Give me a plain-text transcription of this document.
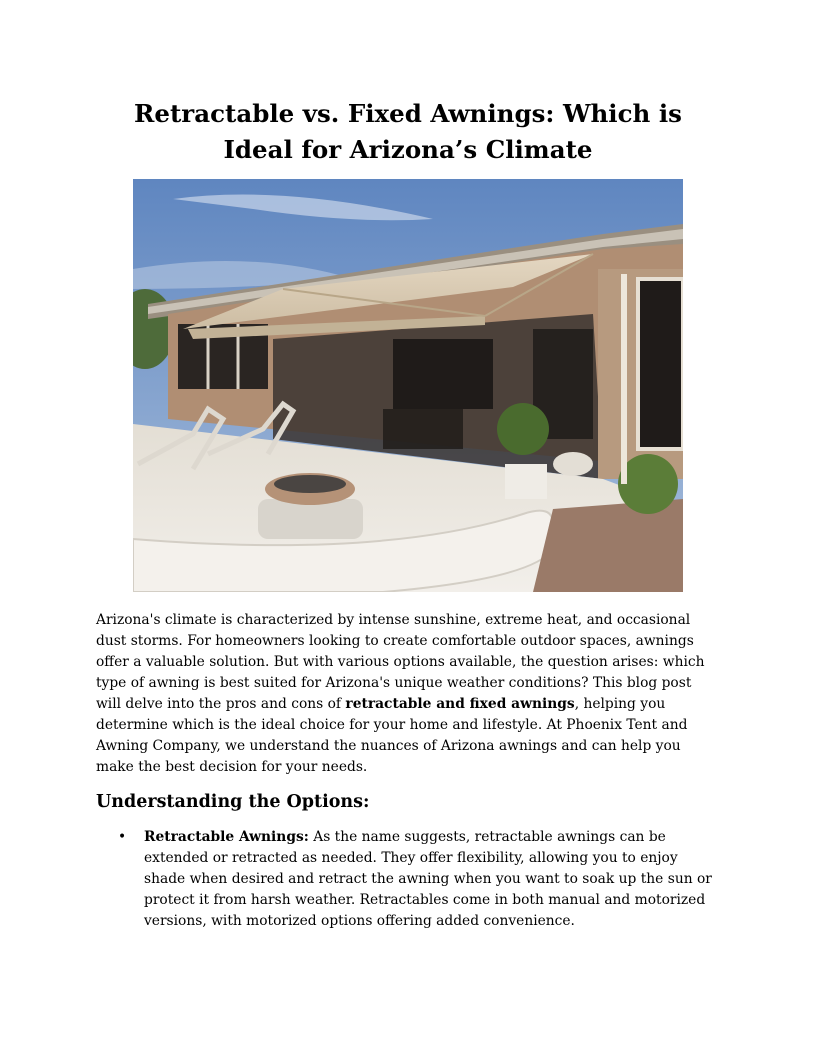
Retractable vs. Fixed Awnings: Which is Ideal for Arizona’s Climate

Arizona's climate is characterized by intense sunshine, extreme heat, and occasional dust storms. For homeowners looking to create comfortable outdoor spaces, awnings offer a valuable solution. But with various options available, the question arises: which type of awning is best suited for Arizona's unique weather conditions? This blog post will delve into the pros and cons of retractable and fixed awnings, helping you determine which is the ideal choice for your home and lifestyle. At Phoenix Tent and Awning Company, we understand the nuances of Arizona awnings and can help you make the best decision for your needs.

Understanding the Options:
• Retractable Awnings: As the name suggests, retractable awnings can be extended or retracted as needed. They offer flexibility, allowing you to enjoy shade when desired and retract the awning when you want to soak up the sun or protect it from harsh weather. Retractables come in both manual and motorized versions, with motorized options offering added convenience.
